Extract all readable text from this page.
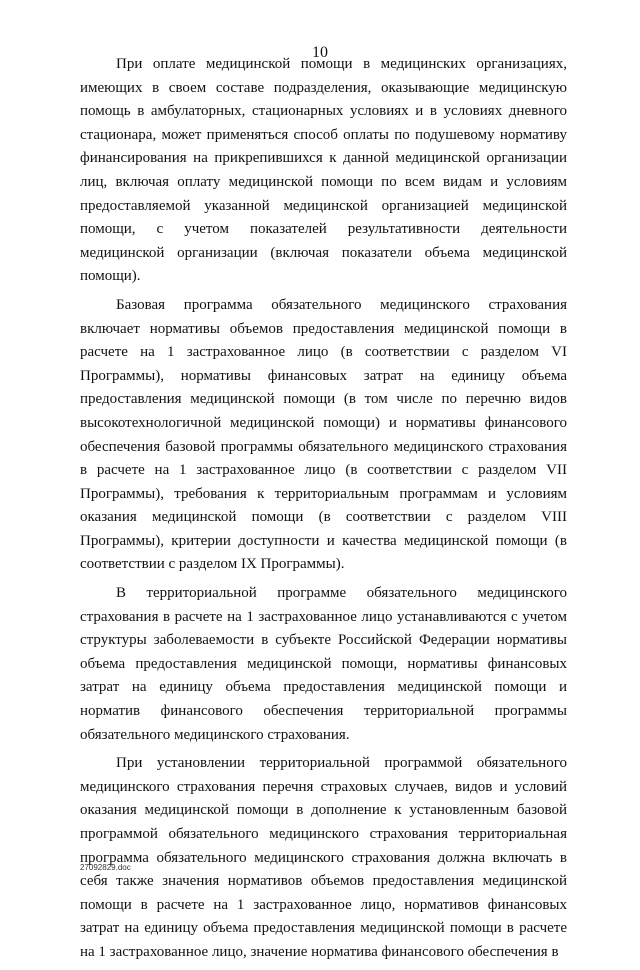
10

При оплате медицинской помощи в медицинских организациях, имеющих в своем составе подразделения, оказывающие медицинскую помощь в амбулаторных, стационарных условиях и в условиях дневного стационара, может применяться способ оплаты по подушевому нормативу финансирования на прикрепившихся к данной медицинской организации лиц, включая оплату медицинской помощи по всем видам и условиям предоставляемой указанной медицинской организацией медицинской помощи, с учетом показателей результативности деятельности медицинской организации (включая показатели объема медицинской помощи).

Базовая программа обязательного медицинского страхования включает нормативы объемов предоставления медицинской помощи в расчете на 1 застрахованное лицо (в соответствии с разделом VI Программы), нормативы финансовых затрат на единицу объема предоставления медицинской помощи (в том числе по перечню видов высокотехнологичной медицинской помощи) и нормативы финансового обеспечения базовой программы обязательного медицинского страхования в расчете на 1 застрахованное лицо (в соответствии с разделом VII Программы), требования к территориальным программам и условиям оказания медицинской помощи (в соответствии с разделом VIII Программы), критерии доступности и качества медицинской помощи (в соответствии с разделом IX Программы).

В территориальной программе обязательного медицинского страхования в расчете на 1 застрахованное лицо устанавливаются с учетом структуры заболеваемости в субъекте Российской Федерации нормативы объема предоставления медицинской помощи, нормативы финансовых затрат на единицу объема предоставления медицинской помощи и норматив финансового обеспечения территориальной программы обязательного медицинского страхования.

При установлении территориальной программой обязательного медицинского страхования перечня страховых случаев, видов и условий оказания медицинской помощи в дополнение к установленным базовой программой обязательного медицинского страхования территориальная программа обязательного медицинского страхования должна включать в себя также значения нормативов объемов предоставления медицинской помощи в расчете на 1 застрахованное лицо, нормативов финансовых затрат на единицу объема предоставления медицинской помощи в расчете на 1 застрахованное лицо, значение норматива финансового обеспечения в

27092829.doc
